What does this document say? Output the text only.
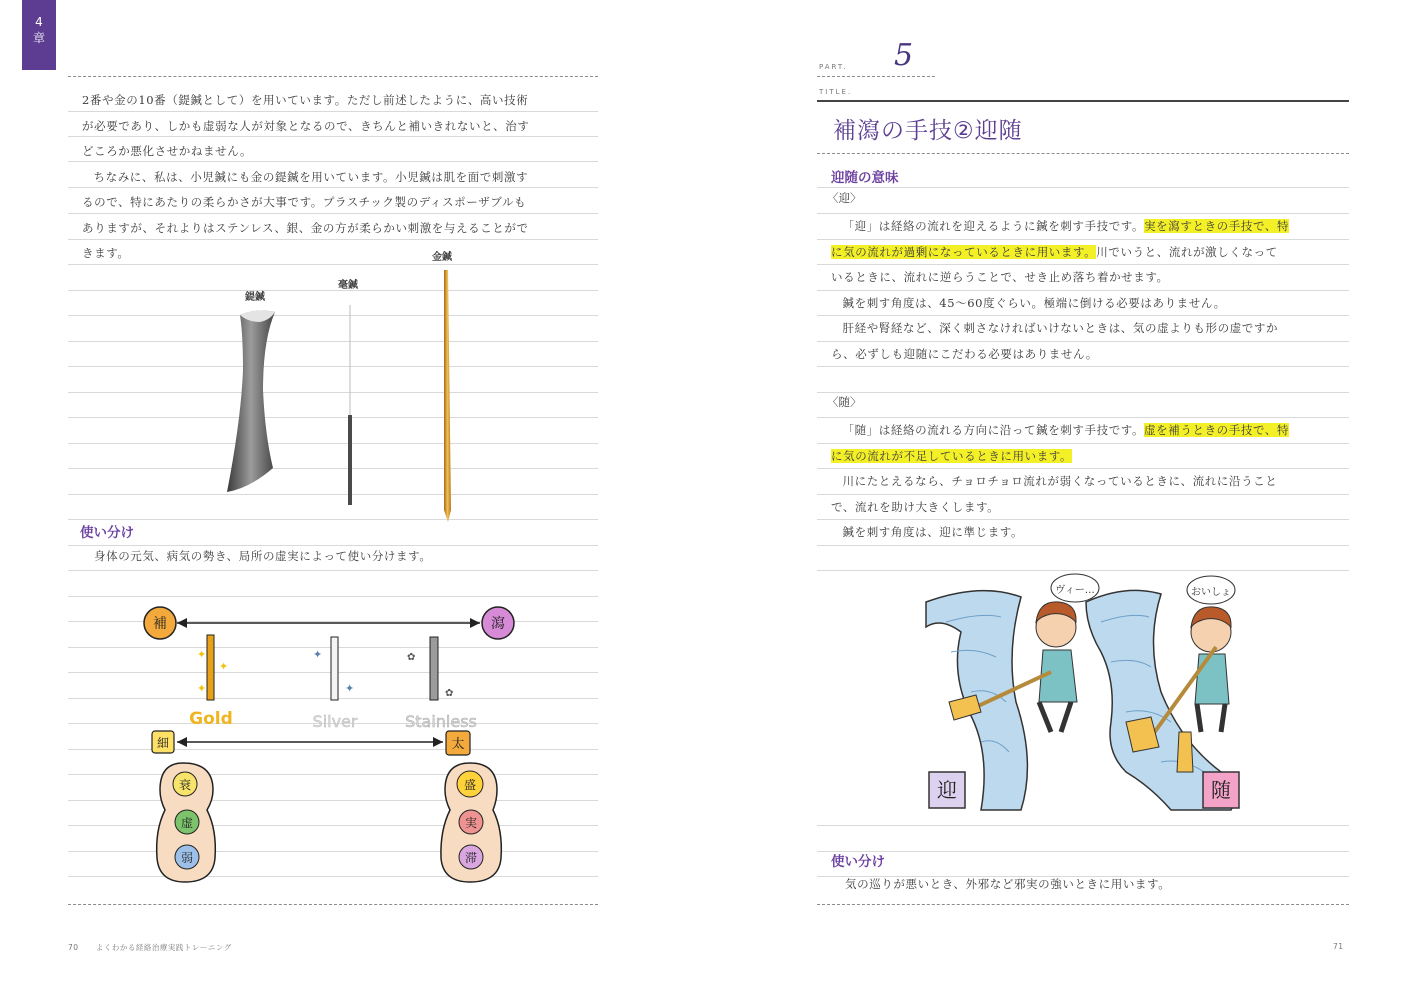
4
章

2番や金の10番（鍉鍼として）を用いています。ただし前述したように、高い技術

が必要であり、しかも虚弱な人が対象となるので、きちんと補いきれないと、治す

どころか悪化させかねません。

ちなみに、私は、小児鍼にも金の鍉鍼を用いています。小児鍼は肌を面で刺激す

るので、特にあたりの柔らかさが大事です。プラスチック製のディスポーザブルも

ありますが、それよりはステンレス、銀、金の方が柔らかい刺激を与えることがで

きます。

鍉鍼
毫鍼
金鍼
使い分け
身体の元気、病気の勢き、局所の虚実によって使い分けます。
補	瀉
✦
✦
✦
✦
✦
✿
✿
Gold	Silver	Stainless
細	太
衰
虚
弱
盛
実
滞
70 よくわかる経絡治療実践トレーニング
PART. 5
TITLE.
補瀉の手技②迎随
迎随の意味
〈迎〉

「迎」は経絡の流れを迎えるように鍼を刺す手技です。実を瀉すときの手技で、特

に気の流れが過剰になっているときに用います。川でいうと、流れが激しくなって

いるときに、流れに逆らうことで、せき止め落ち着かせます。

鍼を刺す角度は、45～60度ぐらい。極端に倒ける必要はありません。

肝経や腎経など、深く刺さなければいけないときは、気の虚よりも形の虚ですか

ら、必ずしも迎随にこだわる必要はありません。

〈随〉

「随」は経絡の流れる方向に沿って鍼を刺す手技です。虚を補うときの手技で、特

に気の流れが不足しているときに用います。

川にたとえるなら、チョロチョロ流れが弱くなっているときに、流れに沿うこと

で、流れを助け大きくします。

鍼を刺す角度は、迎に準じます。

ヴィー…	おいしょ
迎	随
使い分け
気の巡りが悪いとき、外邪など邪実の強いときに用います。
71
